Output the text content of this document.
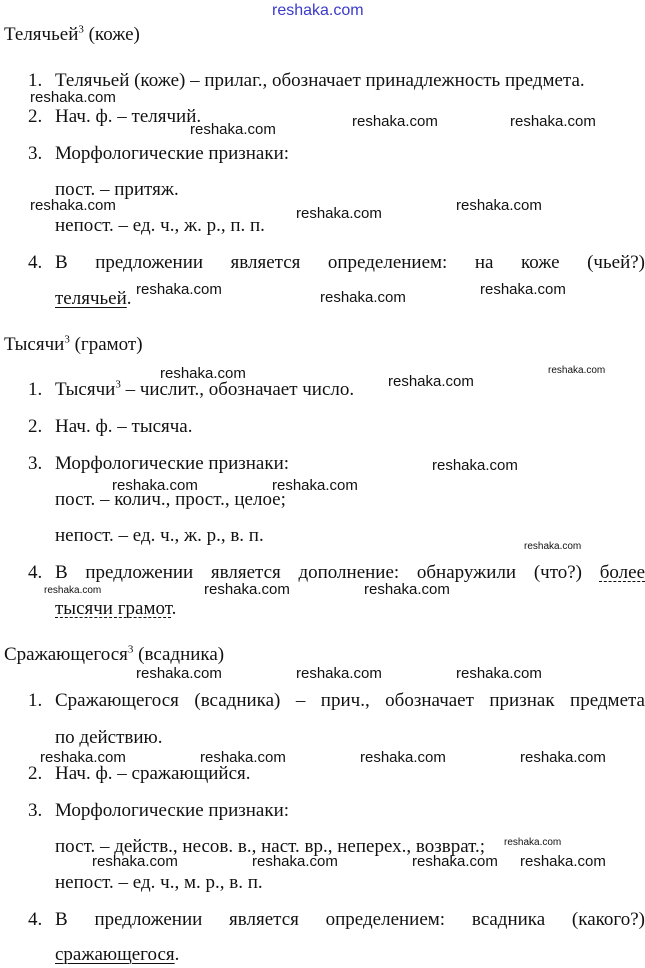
reshaka.com
Телячьей$^3$ (коже)
1. Телячьей (коже) – прилаг., обозначает принадлежность предмета.
2. Нач. ф. – телячий.
3. Морфологические признаки:
пост. – притяж.
непост. – ед. ч., ж. р., п. п.
4. В предложении является определением: на коже (чьей?)
телячьей.
Тысячи$^3$ (грамот)
1. Тысячи$^3$ – числит., обозначает число.
2. Нач. ф. – тысяча.
3. Морфологические признаки:
пост. – колич., прост., целое;
непост. – ед. ч., ж. р., в. п.
4. В предложении является дополнение: обнаружили (что?) более
тысячи грамот.
Сражающегося$^3$ (всадника)
1. Сражающегося (всадника) – прич., обозначает признак предмета
по действию.
2. Нач. ф. – сражающийся.
3. Морфологические признаки:
пост. – действ., несов. в., наст. вр., неперех., возврат.;
непост. – ед. ч., м. р., в. п.
4. В предложении является определением: всадника (какого?)
сражающегося.
reshaka.com
reshaka.com	reshaka.com	reshaka.com
reshaka.com	reshaka.com	reshaka.com
reshaka.com	reshaka.com	reshaka.com
reshaka.com	reshaka.com
reshaka.com
reshaka.com
reshaka.com	reshaka.com
reshaka.com
reshaka.com	reshaka.com	reshaka.com
reshaka.com	reshaka.com	reshaka.com
reshaka.com	reshaka.com	reshaka.com	reshaka.com
reshaka.com
reshaka.com	reshaka.com	reshaka.com reshaka.com
